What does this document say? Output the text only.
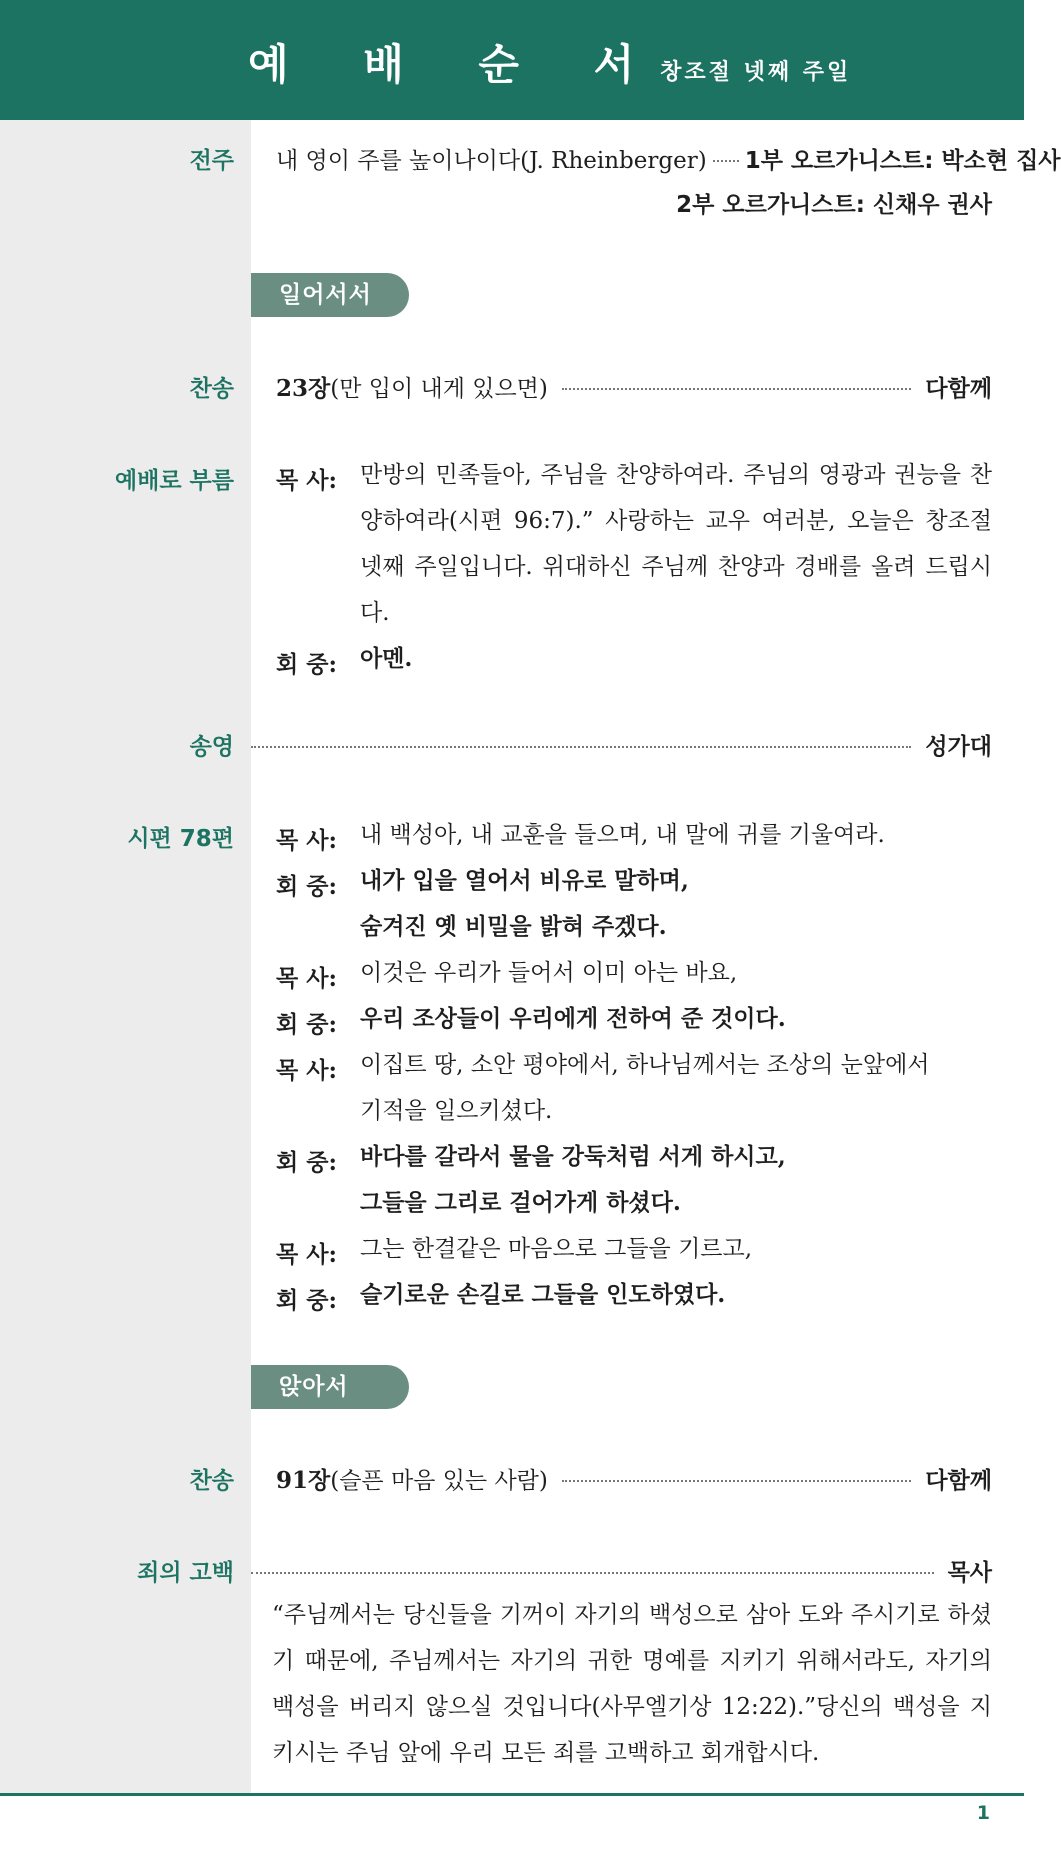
예 배 순 서
창조절 넷째 주일
전주 내 영이 주를 높이나이다(J. Rheinberger) 1부 오르가니스트: 박소현 집사
2부 오르가니스트: 신채우 권사
일어서서
찬송 23장 (만 입이 내게 있으면)	다함께
예배로 부름 목 사:	만방의 민족들아, 주님을 찬양하여라. 주님의 영광과 권능을 찬양하여라(시편 96:7).” 사랑하는 교우 여러분, 오늘은 창조절 넷째 주일입니다. 위대하신 주님께 찬양과 경배를 올려 드립시다.
회 중:	아멘.
송영	성가대
시편 78편 목 사:	내 백성아, 내 교훈을 들으며, 내 말에 귀를 기울여라.
회 중:	내가 입을 열어서 비유로 말하며,
숨겨진 옛 비밀을 밝혀 주겠다.
목 사:	이것은 우리가 들어서 이미 아는 바요,
회 중:	우리 조상들이 우리에게 전하여 준 것이다.
목 사:	이집트 땅, 소안 평야에서, 하나님께서는 조상의 눈앞에서
기적을 일으키셨다.
회 중:	바다를 갈라서 물을 강둑처럼 서게 하시고,
그들을 그리로 걸어가게 하셨다.
목 사:	그는 한결같은 마음으로 그들을 기르고,
회 중:	슬기로운 손길로 그들을 인도하였다.
앉아서
찬송 91장 (슬픈 마음 있는 사람)	다함께
죄의 고백	목사
“주님께서는 당신들을 기꺼이 자기의 백성으로 삼아 도와 주시기로 하셨기 때문에, 주님께서는 자기의 귀한 명예를 지키기 위해서라도, 자기의 백성을 버리지 않으실 것입니다(사무엘기상 12:22).”당신의 백성을 지키시는 주님 앞에 우리 모든 죄를 고백하고 회개합시다.
1
